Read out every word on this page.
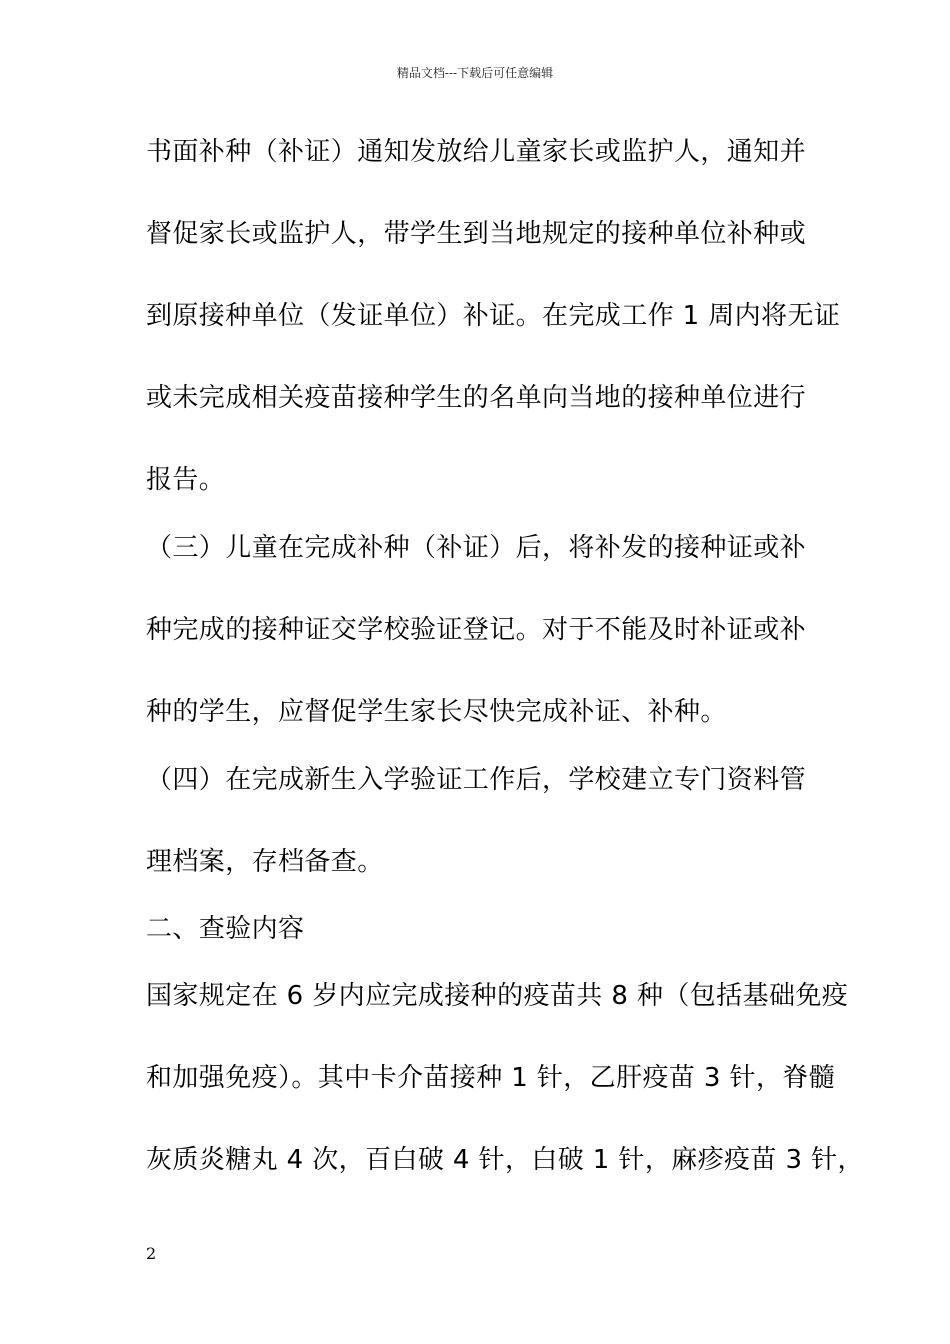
精品文档---下载后可任意编辑
书面补种（补证）通知发放给儿童家长或监护人，通知并
督促家长或监护人，带学生到当地规定的接种单位补种或
到原接种单位（发证单位）补证。在完成工作 1 周内将无证
或未完成相关疫苗接种学生的名单向当地的接种单位进行
报告。
（三）儿童在完成补种（补证）后，将补发的接种证或补
种完成的接种证交学校验证登记。对于不能及时补证或补
种的学生，应督促学生家长尽快完成补证、补种。
（四）在完成新生入学验证工作后，学校建立专门资料管
理档案，存档备查。
二、查验内容
国家规定在 6 岁内应完成接种的疫苗共 8 种（包括基础免疫
和加强免疫）。其中卡介苗接种 1 针，乙肝疫苗 3 针，脊髓
灰质炎糖丸 4 次，百白破 4 针，白破 1 针，麻疹疫苗 3 针，
2
